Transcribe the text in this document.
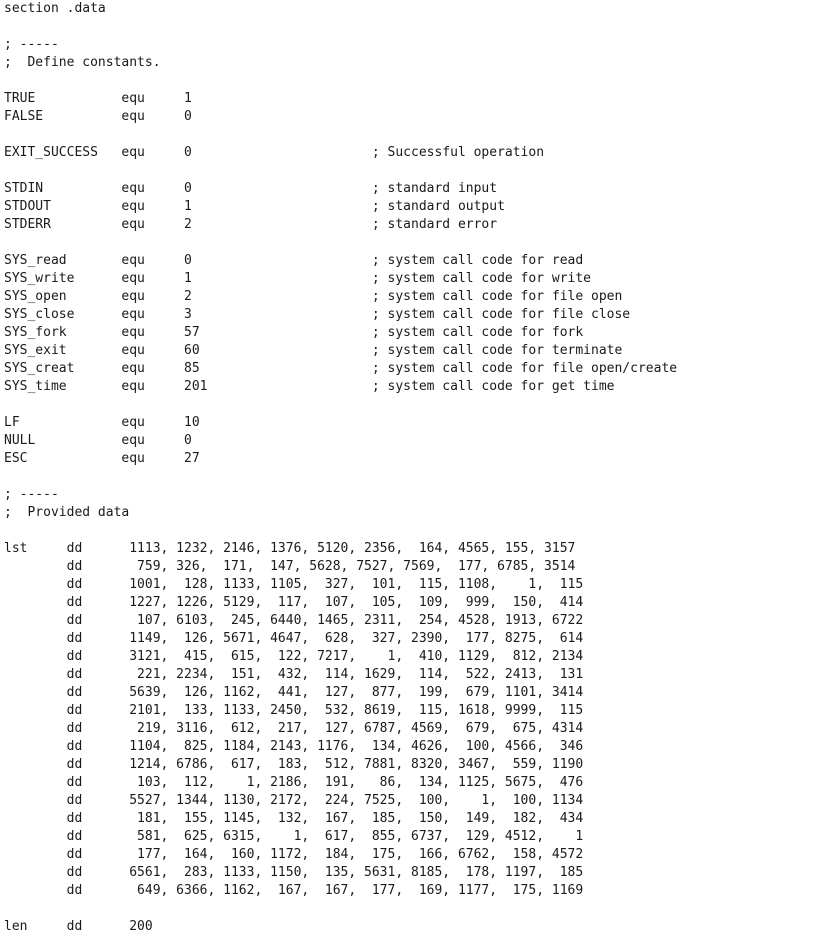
section .data
; -----
;  Define constants.
TRUE           equ     1
FALSE          equ     0
EXIT_SUCCESS   equ     0                       ; Successful operation
STDIN          equ     0                       ; standard input
STDOUT         equ     1                       ; standard output
STDERR         equ     2                       ; standard error
SYS_read       equ     0                       ; system call code for read
SYS_write      equ     1                       ; system call code for write
SYS_open       equ     2                       ; system call code for file open
SYS_close      equ     3                       ; system call code for file close
SYS_fork       equ     57                      ; system call code for fork
SYS_exit       equ     60                      ; system call code for terminate
SYS_creat      equ     85                      ; system call code for file open/create
SYS_time       equ     201                     ; system call code for get time
LF             equ     10
NULL           equ     0
ESC            equ     27
; -----
;  Provided data
lst     dd      1113, 1232, 2146, 1376, 5120, 2356,  164, 4565, 155, 3157
dd       759, 326,  171,  147, 5628, 7527, 7569,  177, 6785, 3514
dd      1001,  128, 1133, 1105,  327,  101,  115, 1108,    1,  115
dd      1227, 1226, 5129,  117,  107,  105,  109,  999,  150,  414
dd       107, 6103,  245, 6440, 1465, 2311,  254, 4528, 1913, 6722
dd      1149,  126, 5671, 4647,  628,  327, 2390,  177, 8275,  614
dd      3121,  415,  615,  122, 7217,    1,  410, 1129,  812, 2134
dd       221, 2234,  151,  432,  114, 1629,  114,  522, 2413,  131
dd      5639,  126, 1162,  441,  127,  877,  199,  679, 1101, 3414
dd      2101,  133, 1133, 2450,  532, 8619,  115, 1618, 9999,  115
dd       219, 3116,  612,  217,  127, 6787, 4569,  679,  675, 4314
dd      1104,  825, 1184, 2143, 1176,  134, 4626,  100, 4566,  346
dd      1214, 6786,  617,  183,  512, 7881, 8320, 3467,  559, 1190
dd       103,  112,    1, 2186,  191,   86,  134, 1125, 5675,  476
dd      5527, 1344, 1130, 2172,  224, 7525,  100,    1,  100, 1134
dd       181,  155, 1145,  132,  167,  185,  150,  149,  182,  434
dd       581,  625, 6315,    1,  617,  855, 6737,  129, 4512,    1
dd       177,  164,  160, 1172,  184,  175,  166, 6762,  158, 4572
dd      6561,  283, 1133, 1150,  135, 5631, 8185,  178, 1197,  185
dd       649, 6366, 1162,  167,  167,  177,  169, 1177,  175, 1169
len     dd      200
